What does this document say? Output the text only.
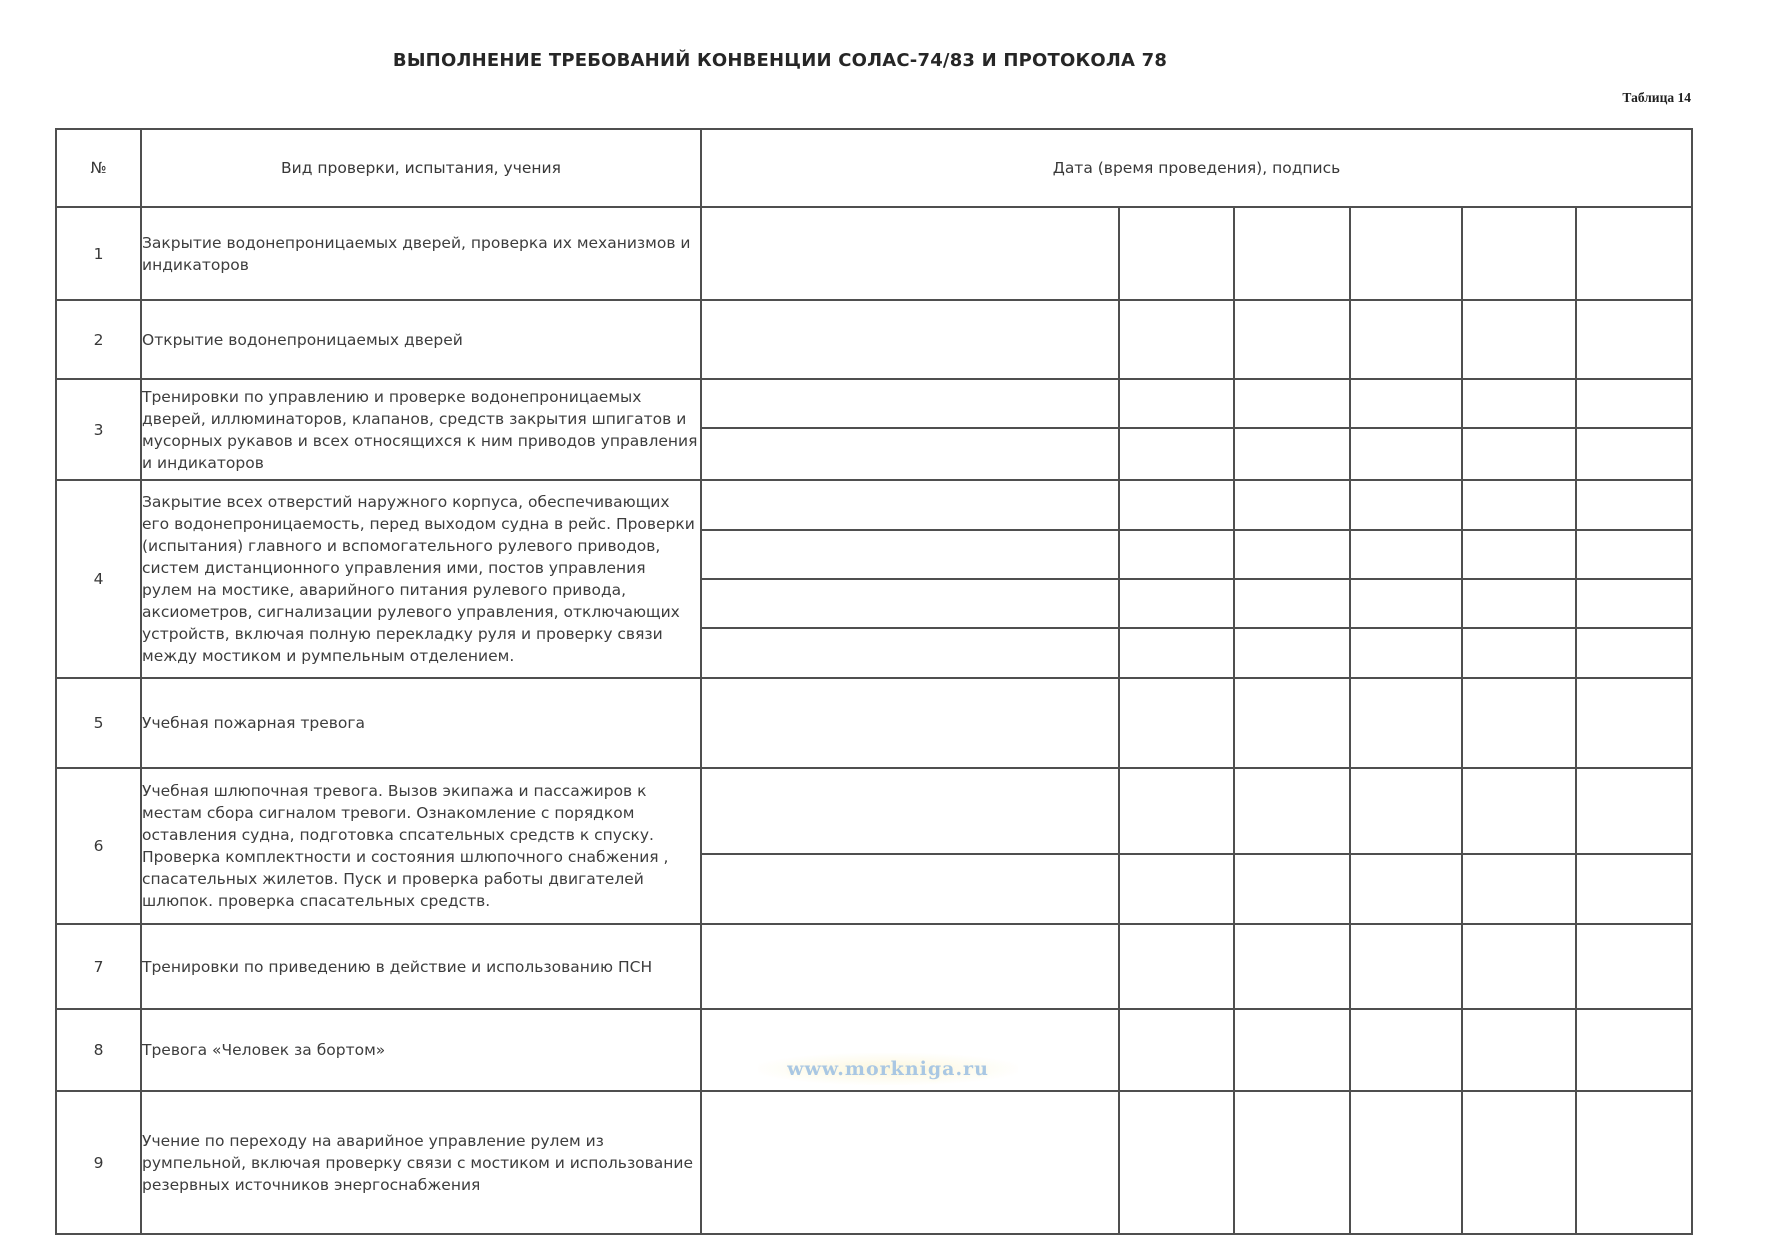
ВЫПОЛНЕНИЕ ТРЕБОВАНИЙ КОНВЕНЦИИ СОЛАС-74/83 И ПРОТОКОЛА 78
Таблица 14
№	Вид проверки, испытания, учения	Дата (время проведения), подпись					
1	Закрытие водонепроницаемых дверей, проверка их механизмов и индикаторов						
2	Открытие водонепроницаемых дверей						
3	Тренировки по управлению и проверке водонепроницаемых дверей, иллюминаторов, клапанов, средств закрытия шпигатов и мусорных рукавов и всех относящихся к ним приводов управления и индикаторов						

4	Закрытие всех отверстий наружного корпуса, обеспечивающих его водонепроницаемость, перед выходом судна в рейс. Проверки (испытания) главного и вспомогательного рулевого приводов, систем дистанционного управления ими, постов управления рулем на мостике, аварийного питания рулевого привода, аксиометров, сигнализации рулевого управления, отключающих устройств, включая полную перекладку руля и проверку связи между мостиком и румпельным отделением.						

5	Учебная пожарная тревога						
6	Учебная шлюпочная тревога. Вызов экипажа и пассажиров к местам сбора сигналом тревоги. Ознакомление с порядком оставления судна, подготовка спсательных средств к спуску. Проверка комплектности и состояния шлюпочного снабжения , спасательных жилетов. Пуск и проверка работы двигателей шлюпок. проверка спасательных средств.						

7	Тренировки по приведению в действие и использованию ПСН						
8	Тревога «Человек за бортом»						
9	Учение по переходу на аварийное управление рулем из румпельной, включая проверку связи с мостиком и использование резервных источников энергоснабжения						
www.morkniga.ru
